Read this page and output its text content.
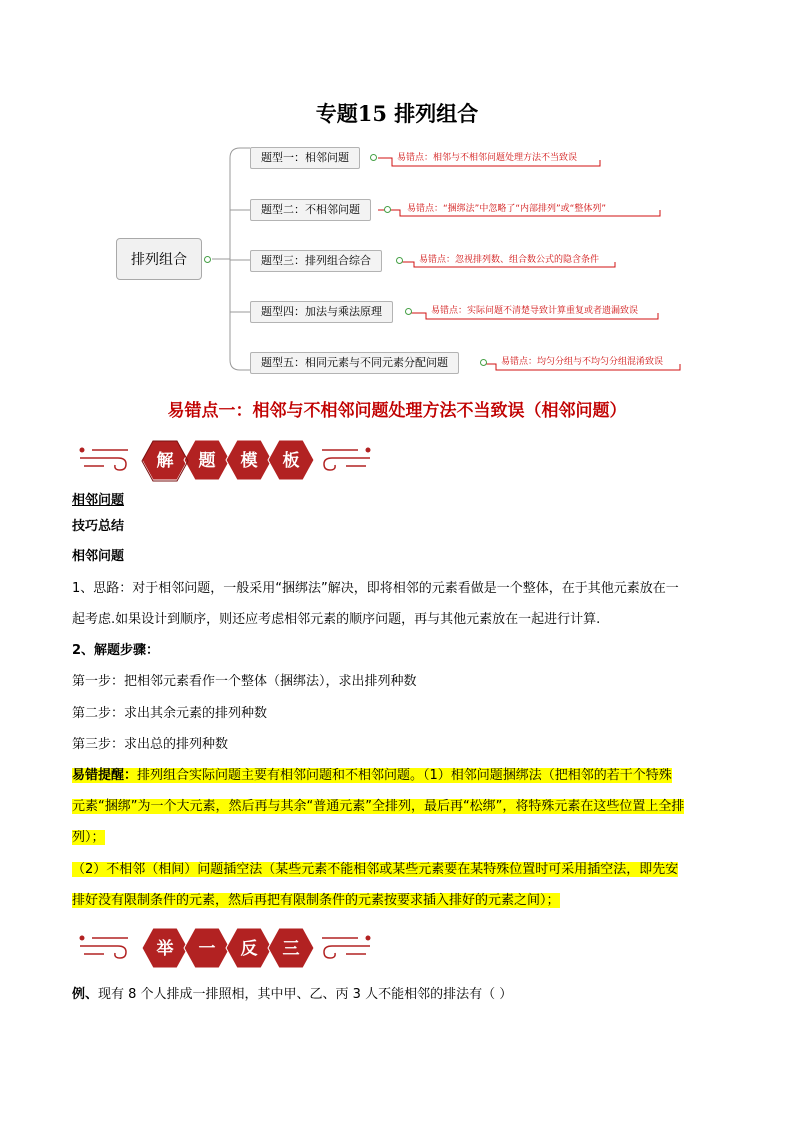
专题15 排列组合
排列组合
题型一：相邻问题	易错点：相邻与不相邻问题处理方法不当致误
题型二：不相邻问题	易错点：“捆绑法”中忽略了“内部排列”或“整体列”
题型三：排列组合综合	易错点：忽视排列数、组合数公式的隐含条件
题型四：加法与乘法原理	易错点：实际问题不清楚导致计算重复或者遗漏致误
题型五：相同元素与不同元素分配问题	易错点：均匀分组与不均匀分组混淆致误
易错点一：相邻与不相邻问题处理方法不当致误（相邻问题）
解 题 模 板
相邻问题
技巧总结
相邻问题
1、思路：对于相邻问题，一般采用“捆绑法”解决，即将相邻的元素看做是一个整体，在于其他元素放在一
起考虑.如果设计到顺序，则还应考虑相邻元素的顺序问题，再与其他元素放在一起进行计算.
2、解题步骤：
第一步：把相邻元素看作一个整体（捆绑法），求出排列种数
第二步：求出其余元素的排列种数
第三步：求出总的排列种数
易错提醒：排列组合实际问题主要有相邻问题和不相邻问题。（1）相邻问题捆绑法（把相邻的若干个特殊
元素“捆绑”为一个大元素，然后再与其余“普通元素”全排列，最后再“松绑”，将特殊元素在这些位置上全排
列）；
（2）不相邻（相间）问题插空法（某些元素不能相邻或某些元素要在某特殊位置时可采用插空法，即先安
排好没有限制条件的元素，然后再把有限制条件的元素按要求插入排好的元素之间）；
举 一 反 三
例、现有 8 个人排成一排照相，其中甲、乙、丙 3 人不能相邻的排法有（ ）
